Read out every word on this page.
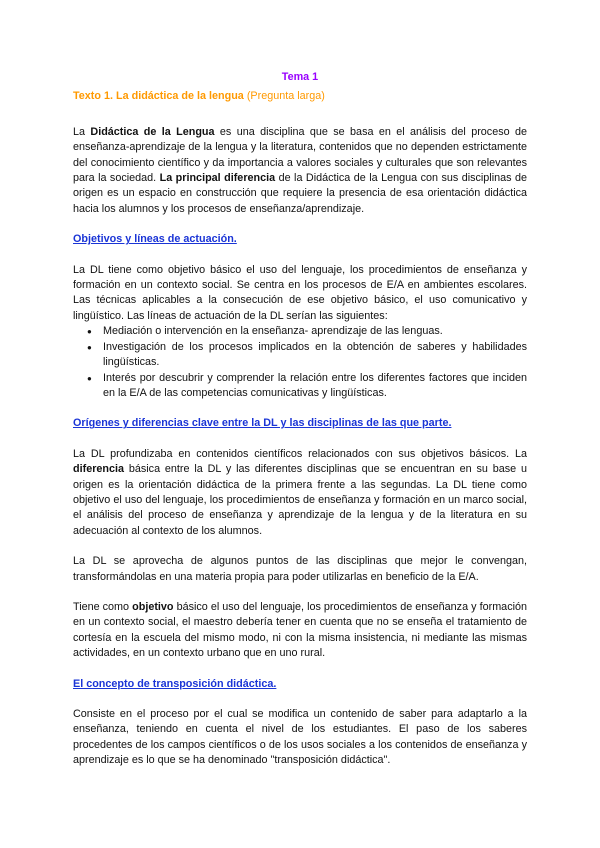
Tema 1
Texto 1. La didáctica de la lengua (Pregunta larga)

La Didáctica de la Lengua es una disciplina que se basa en el análisis del proceso de enseñanza-aprendizaje de la lengua y la literatura, contenidos que no dependen estrictamente del conocimiento científico y da importancia a valores sociales y culturales que son relevantes para la sociedad. La principal diferencia de la Didáctica de la Lengua con sus disciplinas de origen es un espacio en construcción que requiere la presencia de esa orientación didáctica hacia los alumnos y los procesos de enseñanza/aprendizaje.

Objetivos y líneas de actuación.

La DL tiene como objetivo básico el uso del lenguaje, los procedimientos de enseñanza y formación en un contexto social. Se centra en los procesos de E/A en ambientes escolares. Las técnicas aplicables a la consecución de ese objetivo básico, el uso comunicativo y lingüístico. Las líneas de actuación de la DL serían las siguientes:

● Mediación o intervención en la enseñanza- aprendizaje de las lenguas.
● Investigación de los procesos implicados en la obtención de saberes y habilidades lingüísticas.
● Interés por descubrir y comprender la relación entre los diferentes factores que inciden en la E/A de las competencias comunicativas y lingüísticas.
Orígenes y diferencias clave entre la DL y las disciplinas de las que parte.

La DL profundizaba en contenidos científicos relacionados con sus objetivos básicos. La diferencia básica entre la DL y las diferentes disciplinas que se encuentran en su base u origen es la orientación didáctica de la primera frente a las segundas. La DL tiene como objetivo el uso del lenguaje, los procedimientos de enseñanza y formación en un marco social, el análisis del proceso de enseñanza y aprendizaje de la lengua y de la literatura en su adecuación al contexto de los alumnos.

La DL se aprovecha de algunos puntos de las disciplinas que mejor le convengan, transformándolas en una materia propia para poder utilizarlas en beneficio de la E/A.

Tiene como objetivo básico el uso del lenguaje, los procedimientos de enseñanza y formación en un contexto social, el maestro debería tener en cuenta que no se enseña el tratamiento de cortesía en la escuela del mismo modo, ni con la misma insistencia, ni mediante las mismas actividades, en un contexto urbano que en uno rural.

El concepto de transposición didáctica.

Consiste en el proceso por el cual se modifica un contenido de saber para adaptarlo a la enseñanza, teniendo en cuenta el nivel de los estudiantes. El paso de los saberes procedentes de los campos científicos o de los usos sociales a los contenidos de enseñanza y aprendizaje es lo que se ha denominado "transposición didáctica".
